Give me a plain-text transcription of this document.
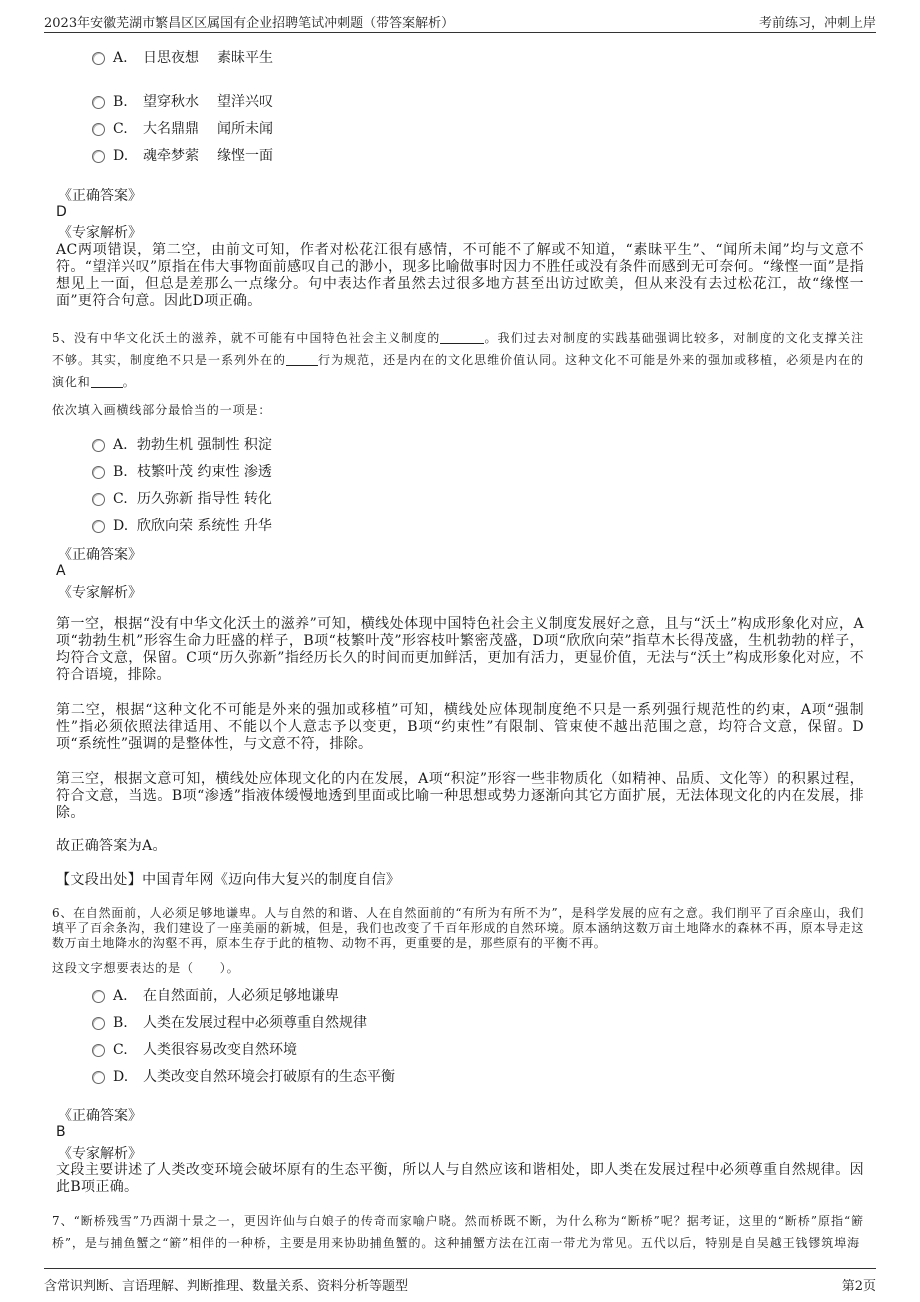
2023年安徽芜湖市繁昌区区属国有企业招聘笔试冲刺题（带答案解析）	考前练习，冲刺上岸
A. 日思夜想 素昧平生
B. 望穿秋水 望洋兴叹
C. 大名鼎鼎 闻所未闻
D. 魂牵梦萦 缘悭一面
《正确答案》
D
《专家解析》
AC两项错误，第二空，由前文可知，作者对松花江很有感情，不可能不了解或不知道，“素昧平生”、“闻所未闻”均与文意不符。“望洋兴叹”原指在伟大事物面前感叹自己的渺小，现多比喻做事时因力不胜任或没有条件而感到无可奈何。“缘悭一面”是指想见上一面，但总是差那么一点缘分。句中表达作者虽然去过很多地方甚至出访过欧美，但从来没有去过松花江，故“缘悭一面”更符合句意。因此D项正确。
5、没有中华文化沃土的滋养，就不可能有中国特色社会主义制度的	。我们过去对制度的实践基础强调比较多，对制度的文化支撑关注不够。其实，制度绝不只是一系列外在的	行为规范，还是内在的文化思维价值认同。这种文化不可能是外来的强加或移植，必须是内在的演化和	。
依次填入画横线部分最恰当的一项是：
A. 勃勃生机 强制性 积淀
B. 枝繁叶茂 约束性 渗透
C. 历久弥新 指导性 转化
D. 欣欣向荣 系统性 升华
《正确答案》
A
《专家解析》
第一空，根据“没有中华文化沃土的滋养”可知，横线处体现中国特色社会主义制度发展好之意，且与“沃土”构成形象化对应，A项“勃勃生机”形容生命力旺盛的样子，B项“枝繁叶茂”形容枝叶繁密茂盛，D项“欣欣向荣”指草木长得茂盛，生机勃勃的样子，均符合文意，保留。C项“历久弥新”指经历长久的时间而更加鲜活，更加有活力，更显价值，无法与“沃土”构成形象化对应，不符合语境，排除。
第二空，根据“这种文化不可能是外来的强加或移植”可知，横线处应体现制度绝不只是一系列强行规范性的约束，A项“强制性”指必须依照法律适用、不能以个人意志予以变更，B项“约束性”有限制、管束使不越出范围之意，均符合文意，保留。D项“系统性”强调的是整体性，与文意不符，排除。
第三空，根据文意可知，横线处应体现文化的内在发展，A项“积淀”形容一些非物质化（如精神、品质、文化等）的积累过程，符合文意，当选。B项“渗透”指液体缓慢地透到里面或比喻一种思想或势力逐渐向其它方面扩展，无法体现文化的内在发展，排除。
故正确答案为A。
【文段出处】中国青年网《迈向伟大复兴的制度自信》
6、在自然面前，人必须足够地谦卑。人与自然的和谐、人在自然面前的“有所为有所不为”，是科学发展的应有之意。我们削平了百余座山，我们填平了百余条沟，我们建设了一座美丽的新城，但是，我们也改变了千百年形成的自然环境。原本涵纳这数万亩土地降水的森林不再，原本导走这数万亩土地降水的沟壑不再，原本生存于此的植物、动物不再，更重要的是，那些原有的平衡不再。
这段文字想要表达的是（　　）。
A. 在自然面前，人必须足够地谦卑
B. 人类在发展过程中必须尊重自然规律
C. 人类很容易改变自然环境
D. 人类改变自然环境会打破原有的生态平衡
《正确答案》
B
《专家解析》
文段主要讲述了人类改变环境会破坏原有的生态平衡，所以人与自然应该和谐相处，即人类在发展过程中必须尊重自然规律。因此B项正确。
7、“断桥残雪”乃西湖十景之一，更因许仙与白娘子的传奇而家喻户晓。然而桥既不断，为什么称为“断桥”呢？据考证，这里的“断桥”原指“簖桥”，是与捕鱼蟹之“簖”相伴的一种桥，主要是用来协助捕鱼蟹的。这种捕蟹方法在江南一带尤为常见。五代以后，特别是自吴越王钱镠筑埠海
含常识判断、言语理解、判断推理、数量关系、资料分析等题型	第2页
